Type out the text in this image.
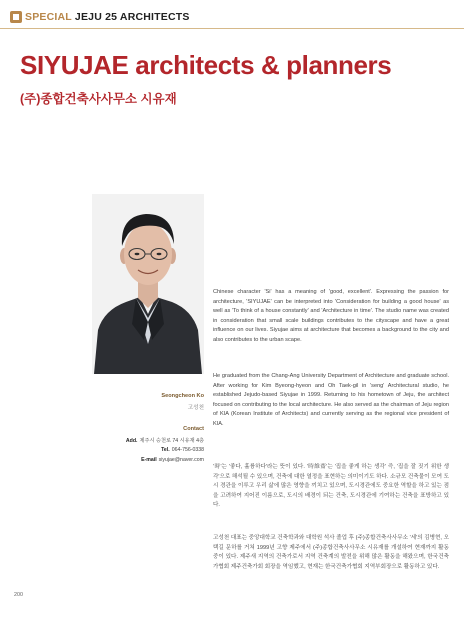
SPECIAL JEJU 25 ARCHITECTS
SIYUJAE architects & planners
(주)종합건축사사무소 시유재
Seongcheon Ko
고성천
Contact
Add. 제주시 승천로 74 시유재 4층
Tel. 064-756-0338
E-mail siyujae@naver.com

Chinese character 'Si' has a meaning of 'good, excellent'. Expressing the passion for architecture, 'SIYUJAE' can be interpreted into 'Consideration for building a good house' as well as 'To think of a house constantly' and 'Architecture in time'. The studio name was created in consideration that small scale buildings contributes to the cityscape and have a great influence on our lives. Siyujae aims at architecture that becomes a background to the city and also contributes to the urban scape.

He graduated from the Chang-Ang University Department of Architecture and graduate school. After working for Kim Byeong-hyeon and Oh Taek-gil in 'seng' Architectural studio, he established Jejudo-based Siyujae in 1999. Returning to his hometown of Jeju, the architect focused on contributing to the local architecture. He also served as the chairman of Jeju region of KIA (Korean Institute of Architects) and currently serving as the regional vice president of KIA.

'時'는 '좋다, 훌륭하다'라는 뜻이 있다. '時維齋'는 '집을 좋게 하는 생각' 즉, '집을 잘 짓기 위한 생각'으로 해석될 수 있으며, 건축에 대한 열정을 표현하는 의미이기도 하다. 소규모 건축물이 모여 도시 경관을 이루고 우리 삶에 많은 영향을 끼치고 있으며, 도시경관에도 중요한 역할을 하고 있는 점을 고려하여 지어진 이름으로, 도시의 배경이 되는 건축, 도시경관에 기여하는 건축을 표방하고 있다.

고성천 대표는 중앙대학교 건축학과와 대학원 석사 졸업 후 (주)종합건축사사무소 '세'의 김병현, 오택길 문하를 거쳐 1999년 고향 제주에서 (주)종합건축사사무소 시유재를 개설하여 현재까지 활동 중이 있다. 제주새 지역의 건축가로서 지역 건축계의 발전을 위해 많은 활동을 해왔으며, 한국건축가협회 제주건축가회 회장을 역임했고, 현재는 한국건축가협회 지역부회장으로 활동하고 있다.

200
